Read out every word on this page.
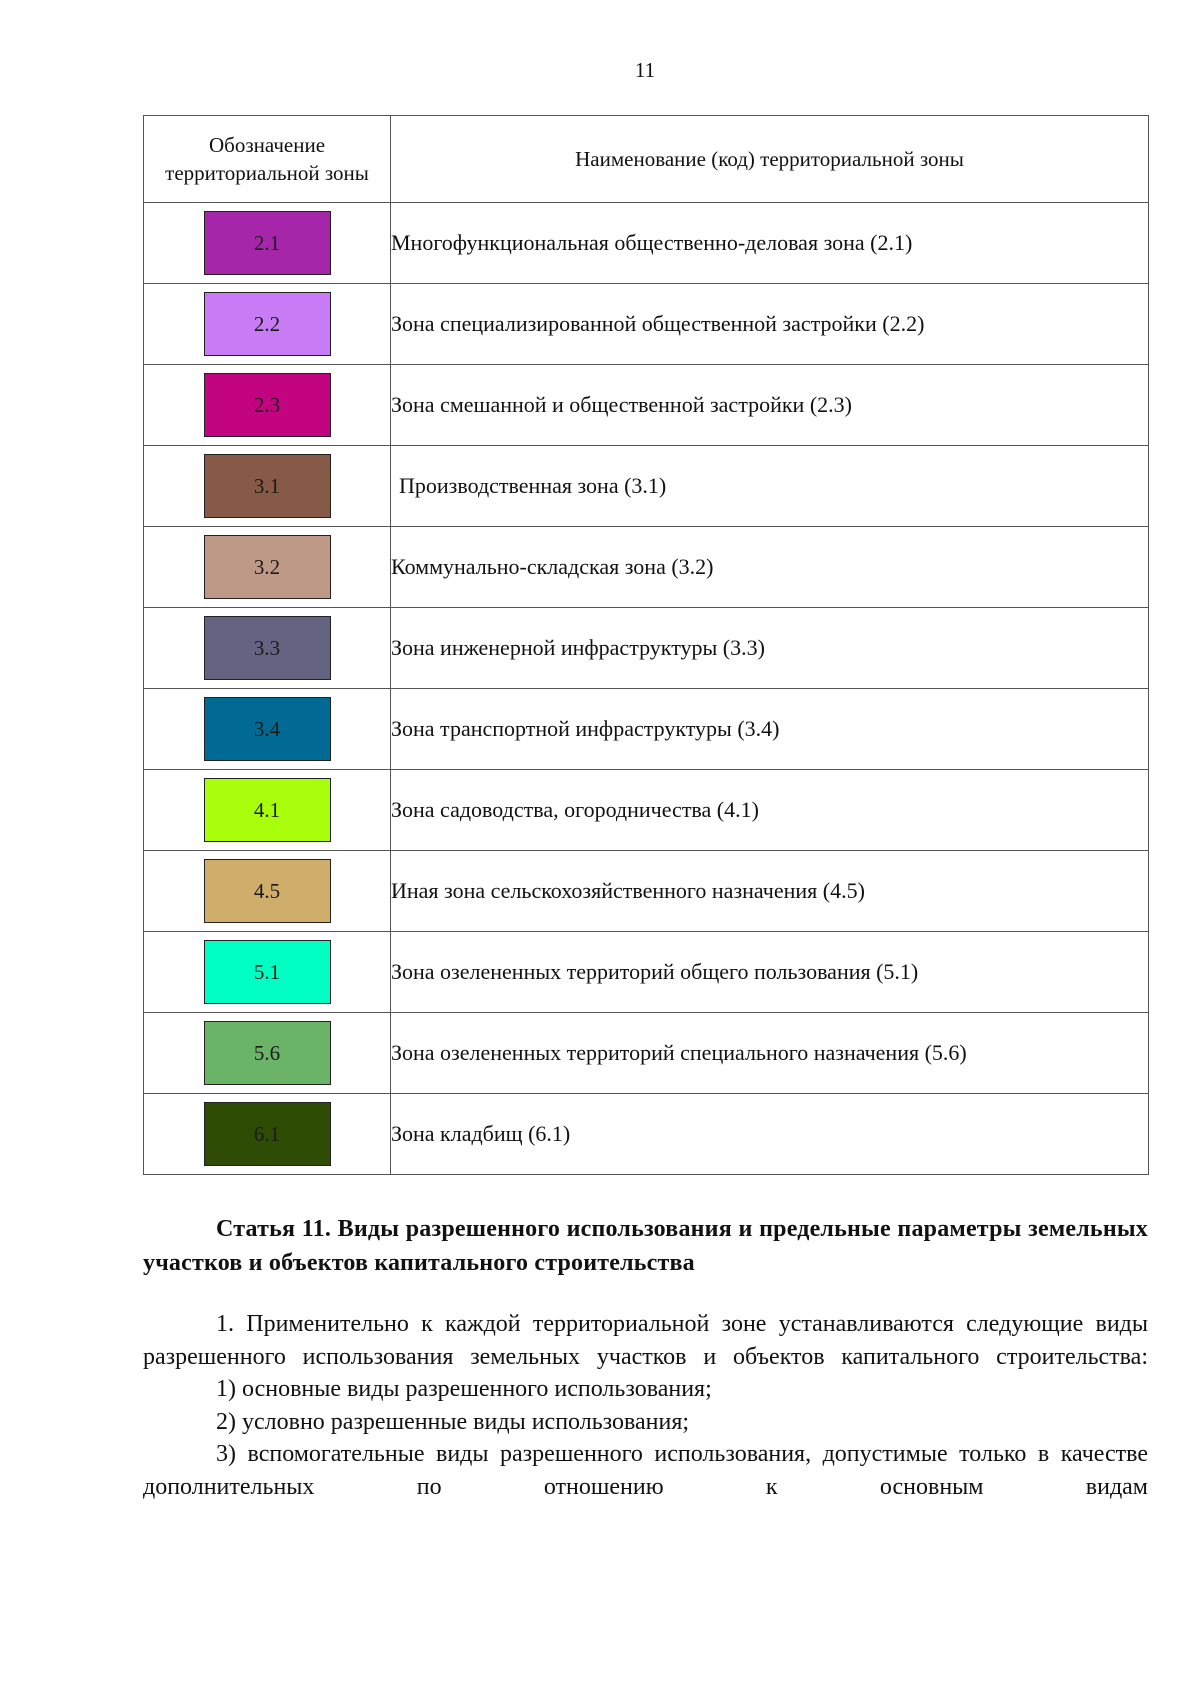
11
Обозначение территориальной зоны	Наименование (код) территориальной зоны

2.1	Многофункциональная общественно-деловая зона (2.1)

2.2	Зона специализированной общественной застройки (2.2)

2.3	Зона смешанной и общественной застройки (2.3)

3.1	Производственная зона (3.1)

3.2	Коммунально-складская зона (3.2)

3.3	Зона инженерной инфраструктуры (3.3)

3.4	Зона транспортной инфраструктуры (3.4)

4.1	Зона садоводства, огородничества (4.1)

4.5	Иная зона сельскохозяйственного назначения (4.5)

5.1	Зона озелененных территорий общего пользования (5.1)

5.6	Зона озелененных территорий специального назначения (5.6)

6.1	Зона кладбищ (6.1)
Статья 11. Виды разрешенного использования и предельные параметры земельных участков и объектов капитального строительства

1. Применительно к каждой территориальной зоне устанавливаются следующие виды разрешенного использования земельных участков и объектов капитального строительства:

1) основные виды разрешенного использования;

2) условно разрешенные виды использования;

3) вспомогательные виды разрешенного использования, допустимые только в качестве дополнительных по отношению к основным видам
